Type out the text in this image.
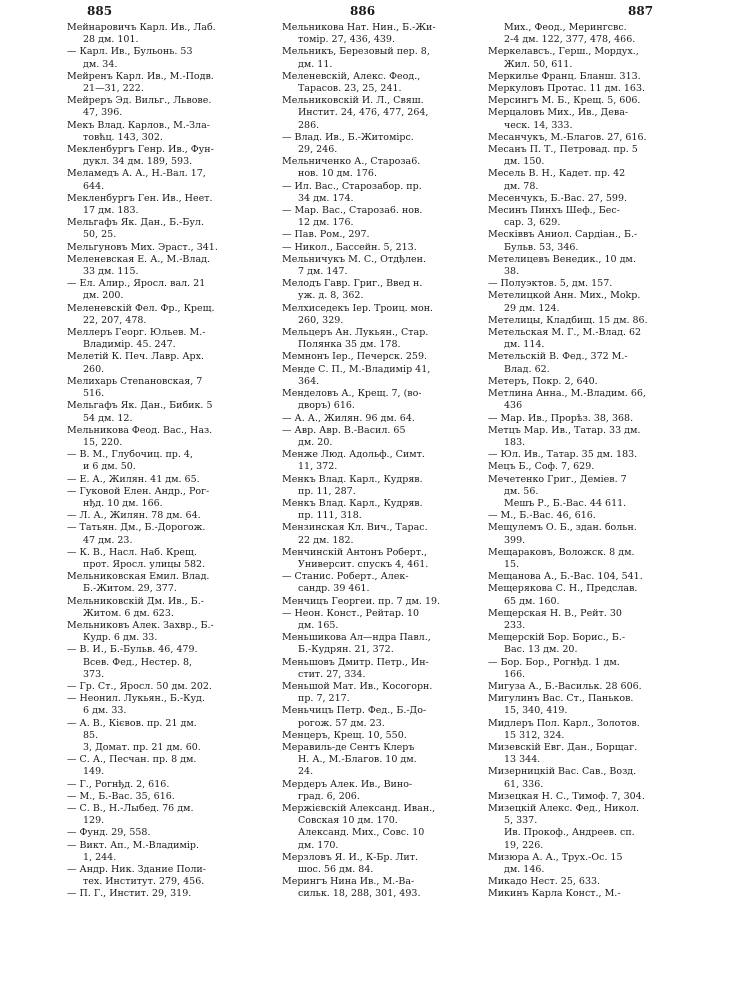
885	886	887
Мейнаровичъ Карл. Ив., Лаб.
28 дм. 101.
— Карл. Ив., Бульонь. 53
дм. 34.
Мейренъ Карл. Ив., М.-Подв.
21—31, 222.
Мейреръ Эд. Вильг., Львове.
47, 396.
Мекъ Влад. Карлов., М.-Зла-
товћц. 143, 302.
Мекленбургъ Генр. Ив., Фун-
дукл. 34 дм. 189, 593.
Меламедъ А. А., Н.-Вал. 17,
644.
Мекленбургъ Ген. Ив., Неет.
17 дм. 183.
Мельгафъ Як. Дан., Б.-Бул.
50, 25.
Мельгуновъ Мих. Эраст., 341.
Мелeневская Е. А., М.-Влад.
33 дм. 115.
— Ел. Алир., Яросл. вал. 21
дм. 200.
Мелeневскій Фел. Фр., Крещ.
22, 207, 478.
Меллеръ Георг. Юльев. М.-
Владимір. 45. 247.
Мелетій К. Печ. Лавр. Арх.
260.
Мелихарь Стеnановская, 7
516.
Мельгафъ Як. Дан., Бибик. 5
54 дм. 12.
Мельникова Феод. Вас., Наз.
15, 220.
— В. М., Глубочиц. пр. 4,
и 6 дм. 50.
— Е. А., Жилян. 41 дм. 65.
— Гуковой Елен. Андр., Рог-
нђд. 10 дм. 166.
— Л. А., Жилян. 78 дм. 64.
— Татьян. Дм., Б.-Дорогож.
47 дм. 23.
— К. В., Насл. Наб. Крещ.
прот. Яросл. улицы 582.
Мельниковская Емил. Влад.
Б.-Житом. 29, 377.
Мельниковскій Дм. Ив., Б.-
Житом. 6 дм. 623.
Мельниковъ Алек. Захвр., Б.-
Кудр. 6 дм. 33.
— В. И., Б.-Бульв. 46, 479.
Всев. Фед., Нестер. 8,
373.
— Гр. Ст., Яросл. 50 дм. 202.
— Неонил. Лукьян., Б.-Куд.
6 дм. 33.
— А. В., Кієвов. пр. 21 дм.
85.
3, Домат. пр. 21 дм. 60.
— С. А., Песчан. пр. 8 дм.
149.
— Г., Рогнђд. 2, 616.
— М., Б.-Вас. 35, 616.
— С. В., Н.-Лыбед. 76 дм.
129.
— Фунд. 29, 558.
— Викт. Ап., М.-Владимір.
1, 244.
— Андр. Ник. Здание Поли-
тех. Институт. 279, 456.
— П. Г., Инстит. 29, 319.
Мельникова Нат. Нин., Б.-Жи-
томір. 27, 436, 439.
Мельникъ, Березовый пер. 8,
дм. 11.
Мелeневскій, Алекс. Феод.,
Тарасов. 23, 25, 241.
Мельниковскій И. Л., Свяш.
Инстит. 24, 476, 477, 264,
286.
— Влад. Ив., Б.-Житомірс.
29, 246.
Мельниченко А., Староза6.
нов. 10 дм. 176.
— Ил. Вас., Старозабор. пр.
34 дм. 174.
— Мар. Вас., Староза6. нов.
12 дм. 176.
— Пав. Ром., 297.
— Никол., Бассейн. 5, 213.
Мельничукъ М. С., Отдђлен.
7 дм. 147.
Мелодъ Гавр. Григ., Введ н.
уж. д. 8, 362.
Мелхиседекъ Іер. Троиц. мон.
260, 329.
Мельцеръ Ан. Лукьян., Стар.
Полянка 35 дм. 178.
Мемнонъ Іер., Печерск. 259.
Менде С. П., М.-Владимір 41,
364.
Менделовъ А., Крещ. 7, (во-
дворъ) 616.
— А. А., Жилян. 96 дм. 64.
— Авр. Авр. В.-Васил. 65
дм. 20.
Менже Люд. Адольф., Симт.
11, 372.
Менкъ Влад. Карл., Кудряв.
пр. 11, 287.
Менкъ Влад. Карл., Кудряв.
пр. 111, 318.
Мензинская Кл. Вич., Тарас.
22 дм. 182.
Менчинскій Антонъ Роберт.,
Университ. спускъ 4, 461.
— Станис. Роберт., Алек-
сандр. 39 461.
Менчицъ Георгеи. пр. 7 дм. 19.
— Неон. Конст., Рейтар. 10
дм. 165.
Меньшикова Ал—ндра Павл.,
Б.-Кудрян. 21, 372.
Меньшовъ Дмитр. Петр., Ин-
стит. 27, 334.
Меньшой Мат. Ив., Косогорн.
пр. 7, 217.
Меньчицъ Петр. Фед., Б.-До-
рогож. 57 дм. 23.
Менцеръ, Крещ. 10, 550.
Меравиль-де Сентъ Клеръ
Н. А., М.-Благов. 10 дм.
24.
Мердеръ Алек. Ив., Вино-
град. 6, 206.
Мержієвскій Александ. Иван.,
Совская 10 дм. 170.
Александ. Мих., Совс. 10
дм. 170.
Мерзловъ Я. И., К-Бр. Лит.
шос. 56 дм. 84.
Мерингъ Нина Ив., М.-Ва-
сильк. 18, 288, 301, 493.
Мих., Феод., Мерингсвс.
2-4 дм. 122, 377, 478, 466.
Меркелавсъ., Герш., Мордух.,
Жил. 50, 611.
Меркилье Франц. Бланш. 313.
Меркуловъ Протас. 11 дм. 163.
Мерсингъ М. Б., Крещ. 5, 606.
Мерцаловъ Мих., Ив., Дева-
ческ. 14, 333.
Месанчукъ, М.-Благов. 27, 616.
Месанъ П. Т., Петровад. пр. 5
дм. 150.
Месель В. Н., Кадет. пр. 42
дм. 78.
Месенчукъ, Б.-Вас. 27, 599.
Месинъ Пинхъ Шеф., Бес-
сар. 3, 629.
Месківвъ Аниол. Сардіан., Б.-
Бульв. 53, 346.
Метелицевъ Венедик., 10 дм.
38.
— Полуэктов. 5, дм. 157.
Метелицкой Анн. Мих., Mokp.
29 дм. 124.
Метелицы, Кладбищ. 15 дм. 86.
Метельская М. Г., М.-Влад. 62
дм. 114.
Метельскій В. Фед., 372 М.-
Влад. 62.
Метеръ, Покр. 2, 640.
Метлина Анна., М.-Владим. 66,
436
— Мар. Ив., Прорѣз. 38, 368.
Метцъ Мар. Ив., Татар. 33 дм.
183.
— Юл. Ив., Татар. 35 дм. 183.
Мецъ Б., Соф. 7, 629.
Мечетенко Григ., Деміев. 7
дм. 56.
Мешъ Р., Б.-Вас. 44 611.
— М., Б.-Вас. 46, 616.
Мещулемъ О. Б., здан. больн.
399.
Мещараковъ, Воложск. 8 дм.
15.
Мещанова А., Б.-Вас. 104, 541.
Мещерякова С. Н., Предслав.
65 дм. 160.
Мещерская Н. В., Рейт. 30
233.
Мещерскій Бор. Борис., Б.-
Вас. 13 дм. 20.
— Бор. Бор., Рогнђд. 1 дм.
166.
Мигуза А., Б.-Васильк. 28 606.
Мигулинъ Вас. Ст., Паньков.
15, 340, 419.
Мидлеръ Пол. Карл., Золотов.
15 312, 324.
Мизевскій Евг. Дан., Борщаг.
13 344.
Мизерницкій Вас. Сав., Возд.
61, 336.
Мизецкая Н. С., Тимоф. 7, 304.
Мизецкій Алекс. Фед., Никол.
5, 337.
Ив. Прокоф., Андреев. сп.
19, 226.
Мизюра А. А., Трух.-Ос. 15
дм. 146.
Микадо Нест. 25, 633.
Микинъ Карла Конст., М.-
